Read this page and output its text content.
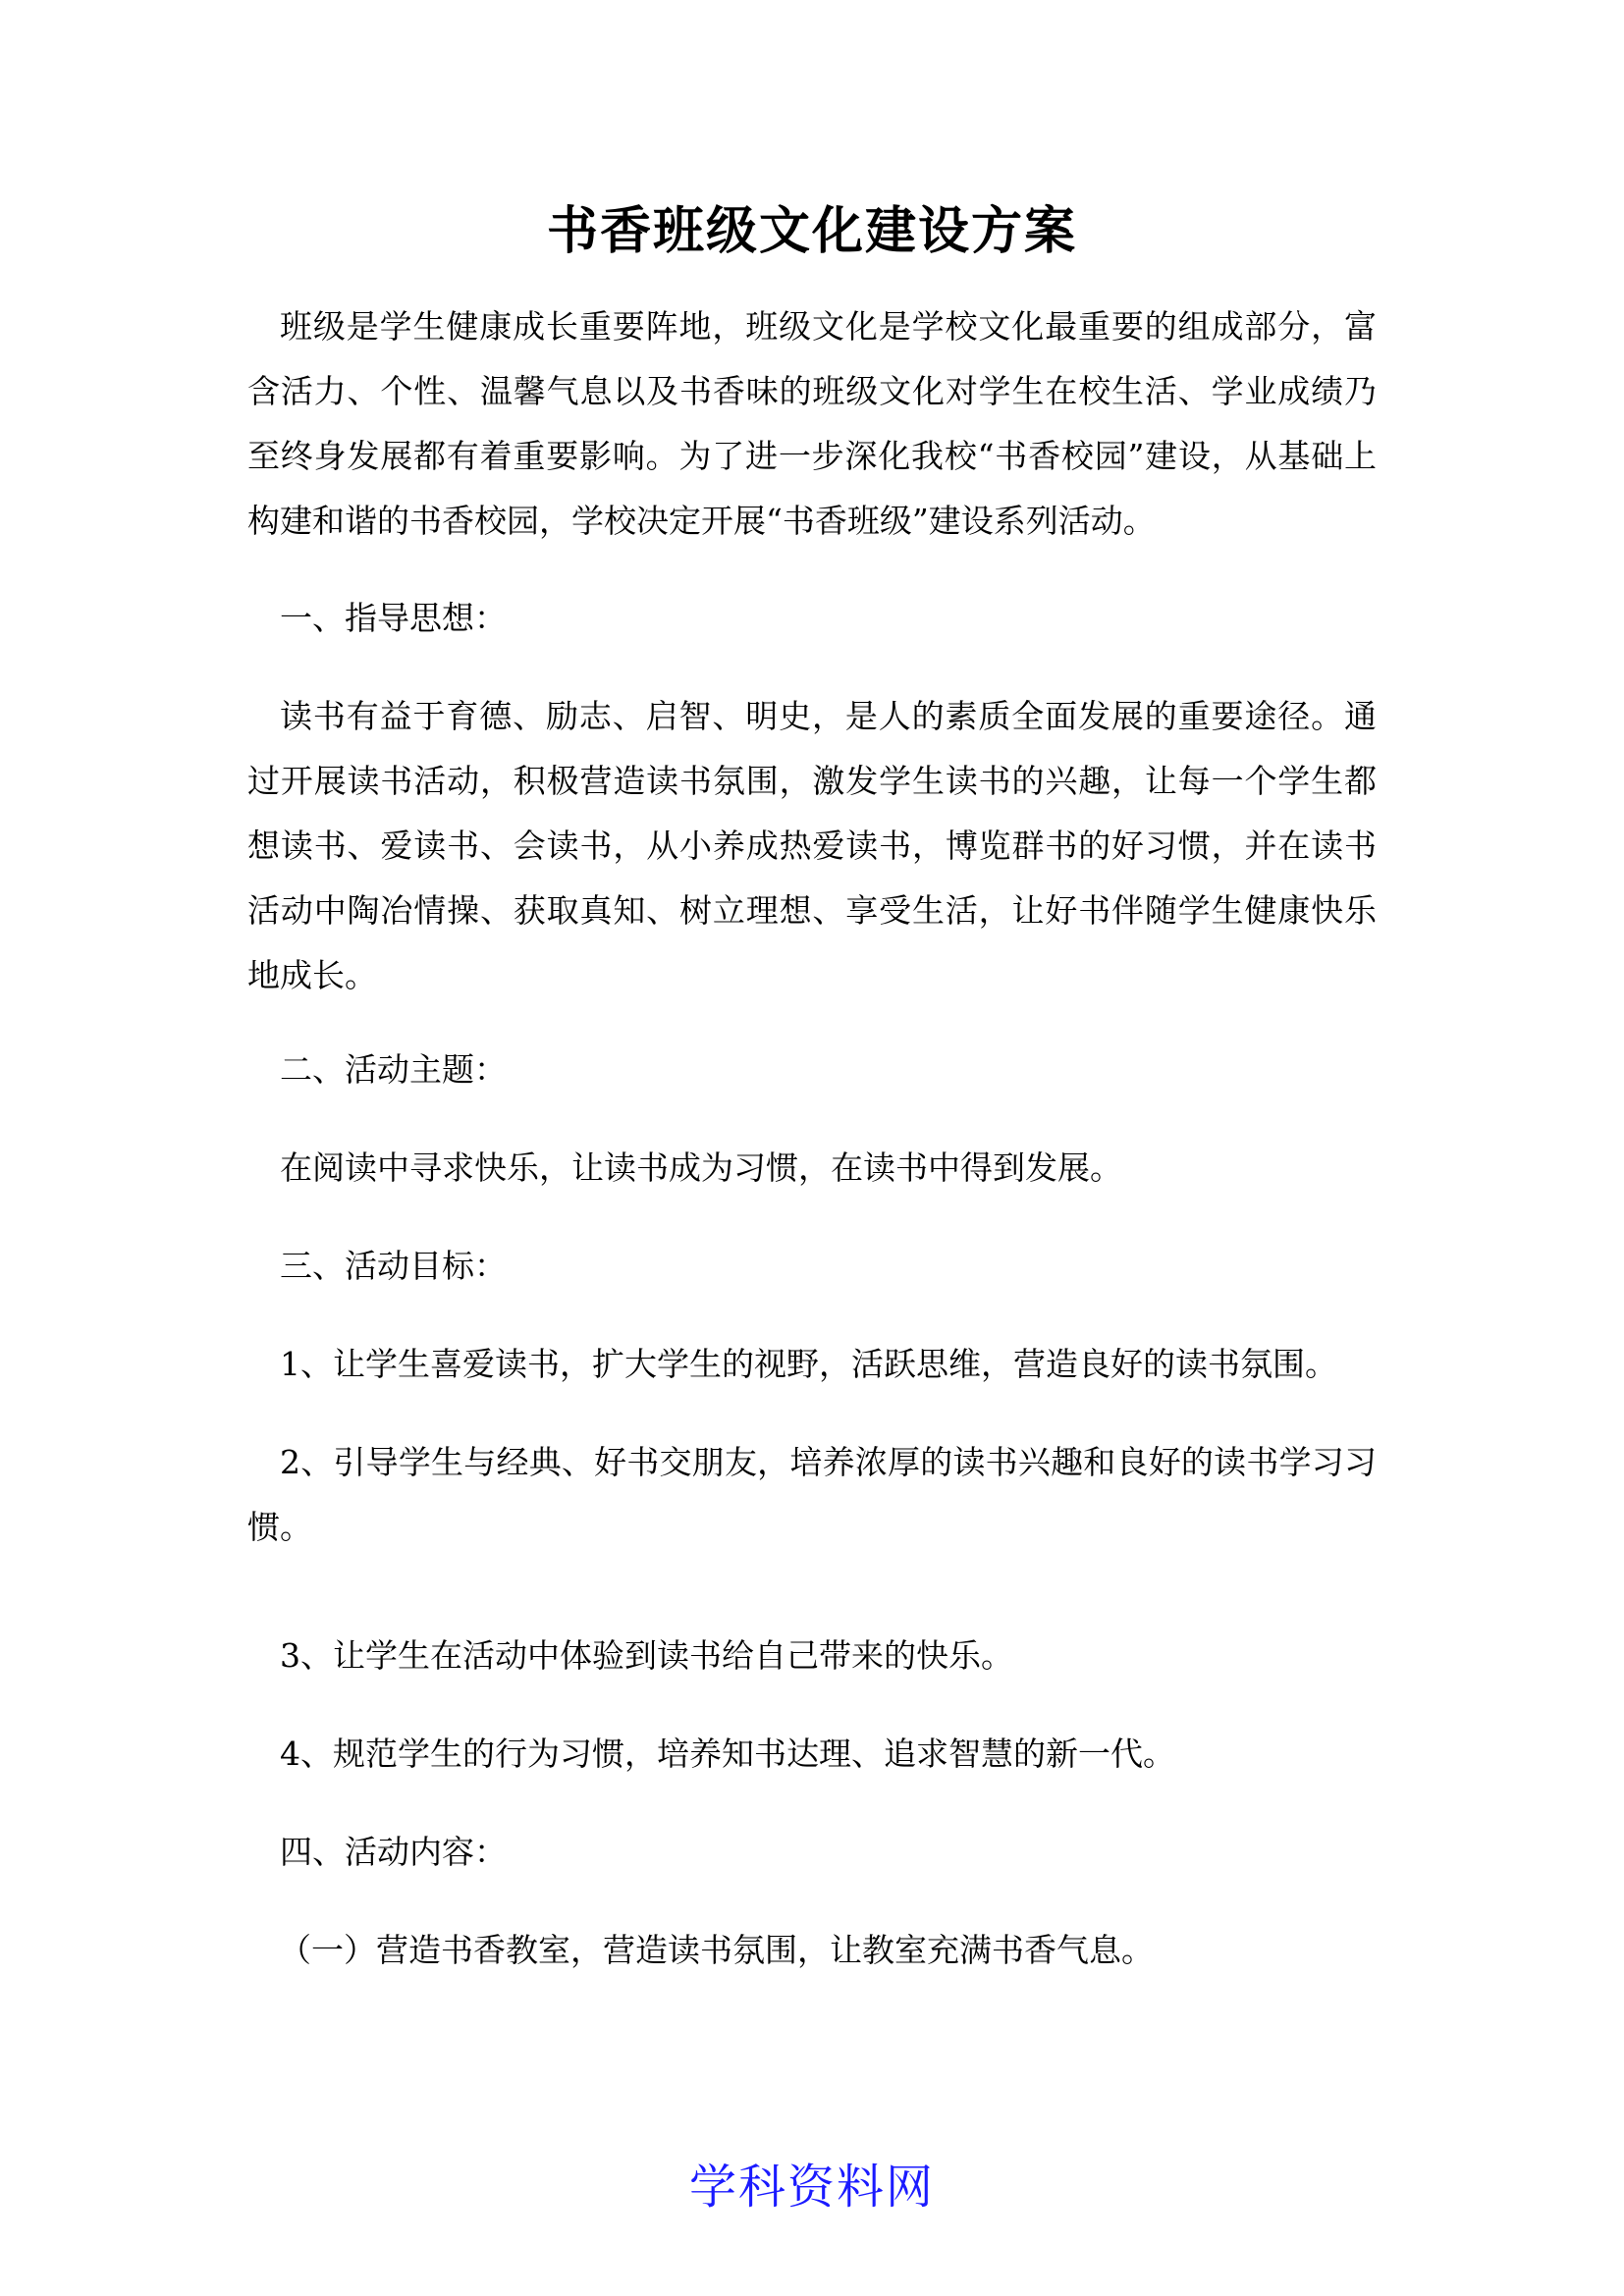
书香班级文化建设方案
班级是学生健康成长重要阵地，班级文化是学校文化最重要的组成部分，富含活力、个性、温馨气息以及书香味的班级文化对学生在校生活、学业成绩乃至终身发展都有着重要影响。为了进一步深化我校“书香校园”建设，从基础上构建和谐的书香校园，学校决定开展“书香班级”建设系列活动。
一、指导思想：
读书有益于育德、励志、启智、明史，是人的素质全面发展的重要途径。通过开展读书活动，积极营造读书氛围，激发学生读书的兴趣，让每一个学生都想读书、爱读书、会读书，从小养成热爱读书，博览群书的好习惯，并在读书活动中陶冶情操、获取真知、树立理想、享受生活，让好书伴随学生健康快乐地成长。
二、活动主题：
在阅读中寻求快乐，让读书成为习惯，在读书中得到发展。
三、活动目标：
1、让学生喜爱读书，扩大学生的视野，活跃思维，营造良好的读书氛围。
2、引导学生与经典、好书交朋友，培养浓厚的读书兴趣和良好的读书学习习惯。
3、让学生在活动中体验到读书给自己带来的快乐。
4、规范学生的行为习惯，培养知书达理、追求智慧的新一代。
四、活动内容：
（一）营造书香教室，营造读书氛围，让教室充满书香气息。
学科资料网
